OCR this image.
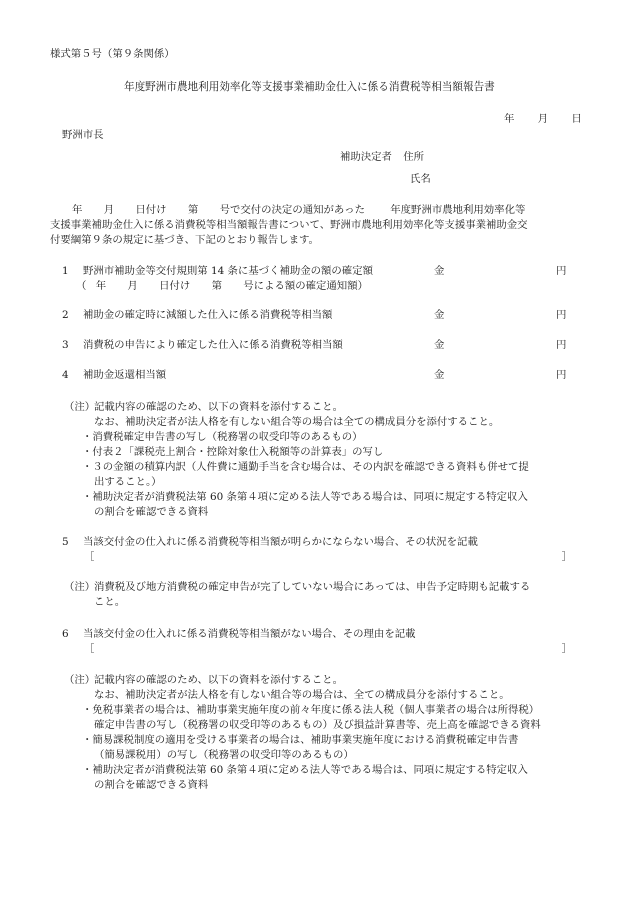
様式第５号（第９条関係）
年度野洲市農地利用効率化等支援事業補助金仕入に係る消費税等相当額報告書
年 月 日
野洲市長
補助決定者 住所
氏名
年 月 日付け 第 号で交付の決定の通知があった 年度野洲市農地利用効率化等
支援事業補助金仕入に係る消費税等相当額報告書について、野洲市農地利用効率化等支援事業補助金交
付要綱第９条の規定に基づき、下記のとおり報告します。
1 野洲市補助金等交付規則第 14 条に基づく補助金の額の確定額	金	円
（ 年 月 日付け 第 号による額の確定通知額）
2 補助金の確定時に減額した仕入に係る消費税等相当額	金	円
3 消費税の申告により確定した仕入に係る消費税等相当額	金	円
4 補助金返還相当額	金	円
（注）
記載内容の確認のため、以下の資料を添付すること。
なお、補助決定者が法人格を有しない組合等の場合は全ての構成員分を添付すること。
・消費税確定申告書の写し（税務署の収受印等のあるもの）
・付表２「課税売上割合・控除対象仕入税額等の計算表」の写し
・３の金額の積算内訳（人件費に通勤手当を含む場合は、その内訳を確認できる資料も併せて提
出すること。）
・補助決定者が消費税法第 60 条第４項に定める法人等である場合は、同項に規定する特定収入
の割合を確認できる資料
5 当該交付金の仕入れに係る消費税等相当額が明らかにならない場合、その状況を記載
［	］
（注）
消費税及び地方消費税の確定申告が完了していない場合にあっては、申告予定時期も記載する
こと。
6 当該交付金の仕入れに係る消費税等相当額がない場合、その理由を記載
［	］
（注）
記載内容の確認のため、以下の資料を添付すること。
なお、補助決定者が法人格を有しない組合等の場合は、全ての構成員分を添付すること。
・免税事業者の場合は、補助事業実施年度の前々年度に係る法人税（個人事業者の場合は所得税）
確定申告書の写し（税務署の収受印等のあるもの）及び損益計算書等、売上高を確認できる資料
・簡易課税制度の適用を受ける事業者の場合は、補助事業実施年度における消費税確定申告書
（簡易課税用）の写し（税務署の収受印等のあるもの）
・補助決定者が消費税法第 60 条第４項に定める法人等である場合は、同項に規定する特定収入
の割合を確認できる資料
